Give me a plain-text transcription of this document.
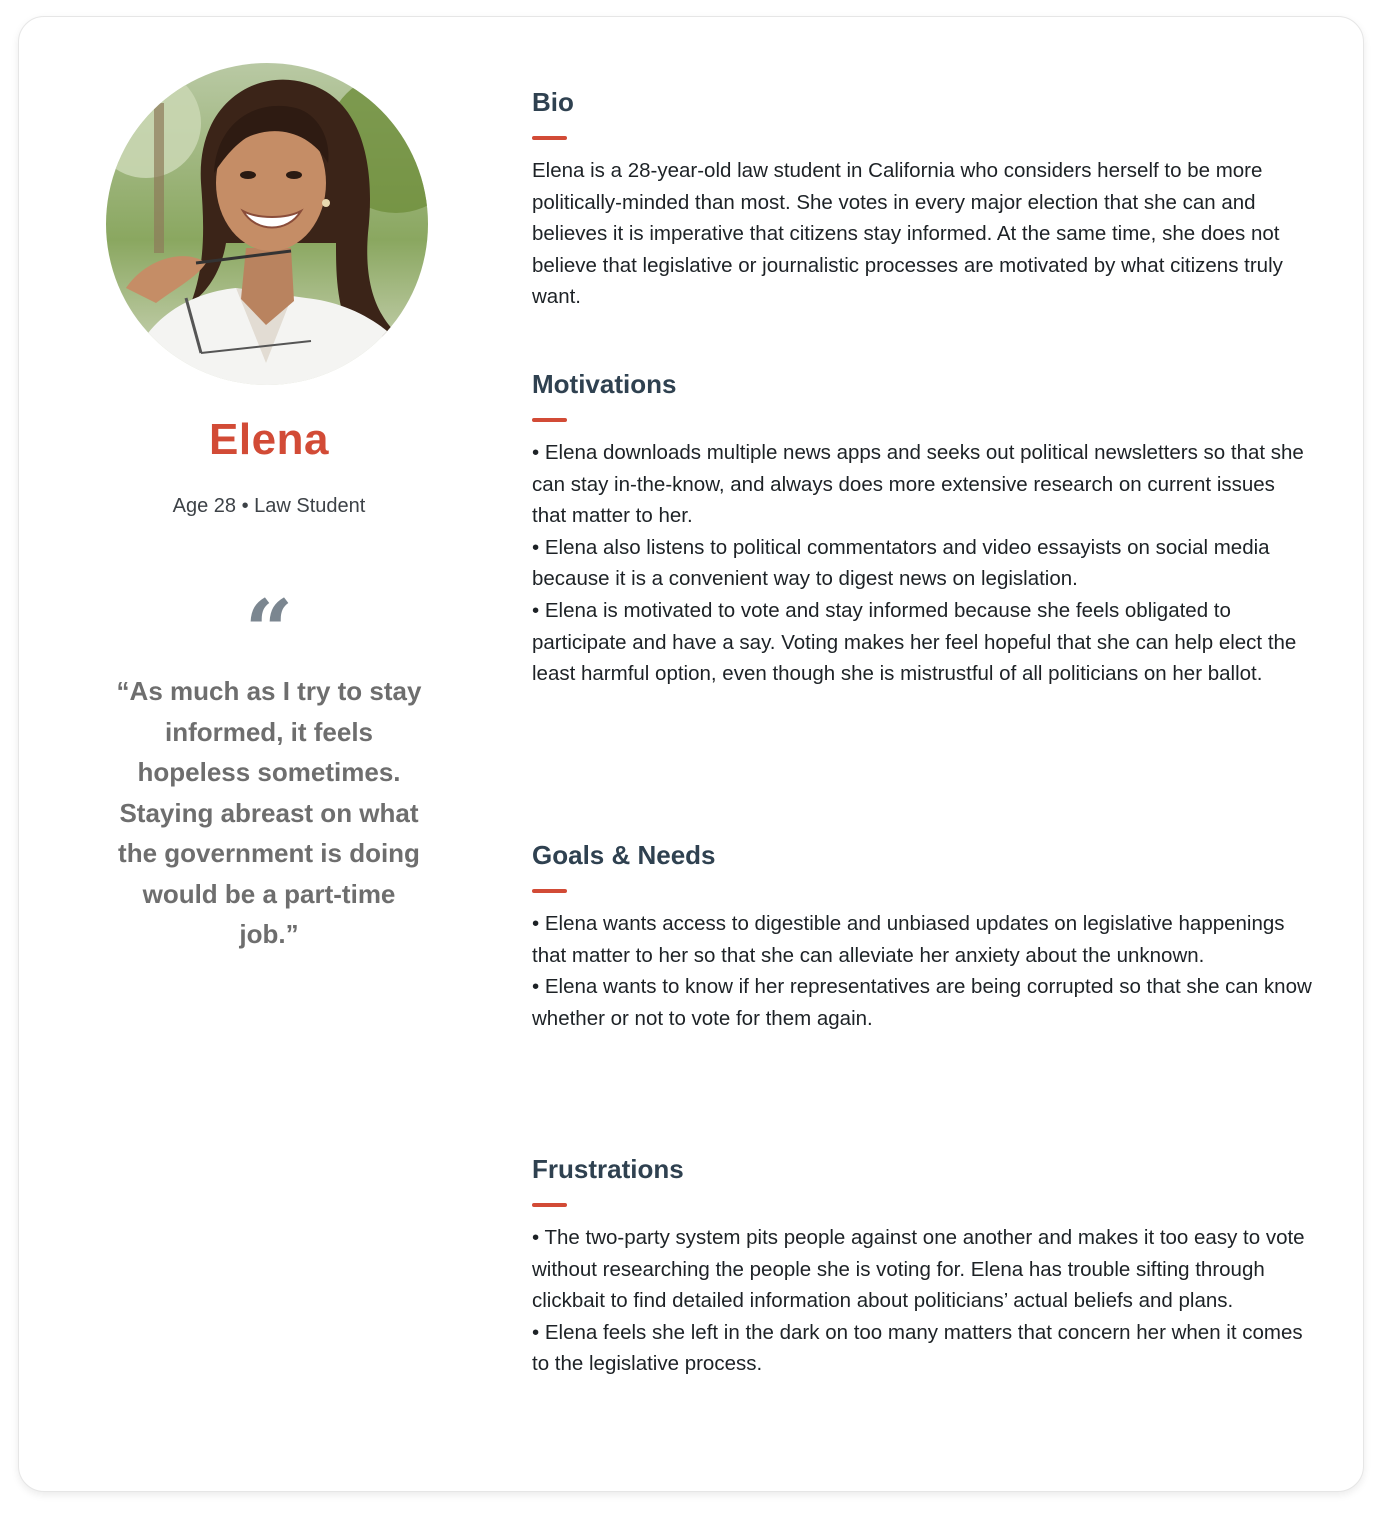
Elena
Age 28 • Law Student
“
“As much as I try to stay informed, it feels hopeless sometimes. Staying abreast on what the government is doing would be a part-time job.”
Bio

Elena is a 28-year-old law student in California who considers herself to be more politically-minded than most. She votes in every major election that she can and believes it is imperative that citizens stay informed. At the same time, she does not believe that legislative or journalistic processes are motivated by what citizens truly want.

Motivations

• Elena downloads multiple news apps and seeks out political newsletters so that she can stay in-the-know, and always does more extensive research on current issues that matter to her.

• Elena also listens to political commentators and video essayists on social media because it is a convenient way to digest news on legislation.

• Elena is motivated to vote and stay informed because she feels obligated to participate and have a say. Voting makes her feel hopeful that she can help elect the least harmful option, even though she is mistrustful of all politicians on her ballot.

Goals & Needs

• Elena wants access to digestible and unbiased updates on legislative happenings that matter to her so that she can alleviate her anxiety about the unknown.

• Elena wants to know if her representatives are being corrupted so that she can know whether or not to vote for them again.

Frustrations

• The two-party system pits people against one another and makes it too easy to vote without researching the people she is voting for. Elena has trouble sifting through clickbait to find detailed information about politicians’ actual beliefs and plans.

• Elena feels she left in the dark on too many matters that concern her when it comes to the legislative process.
